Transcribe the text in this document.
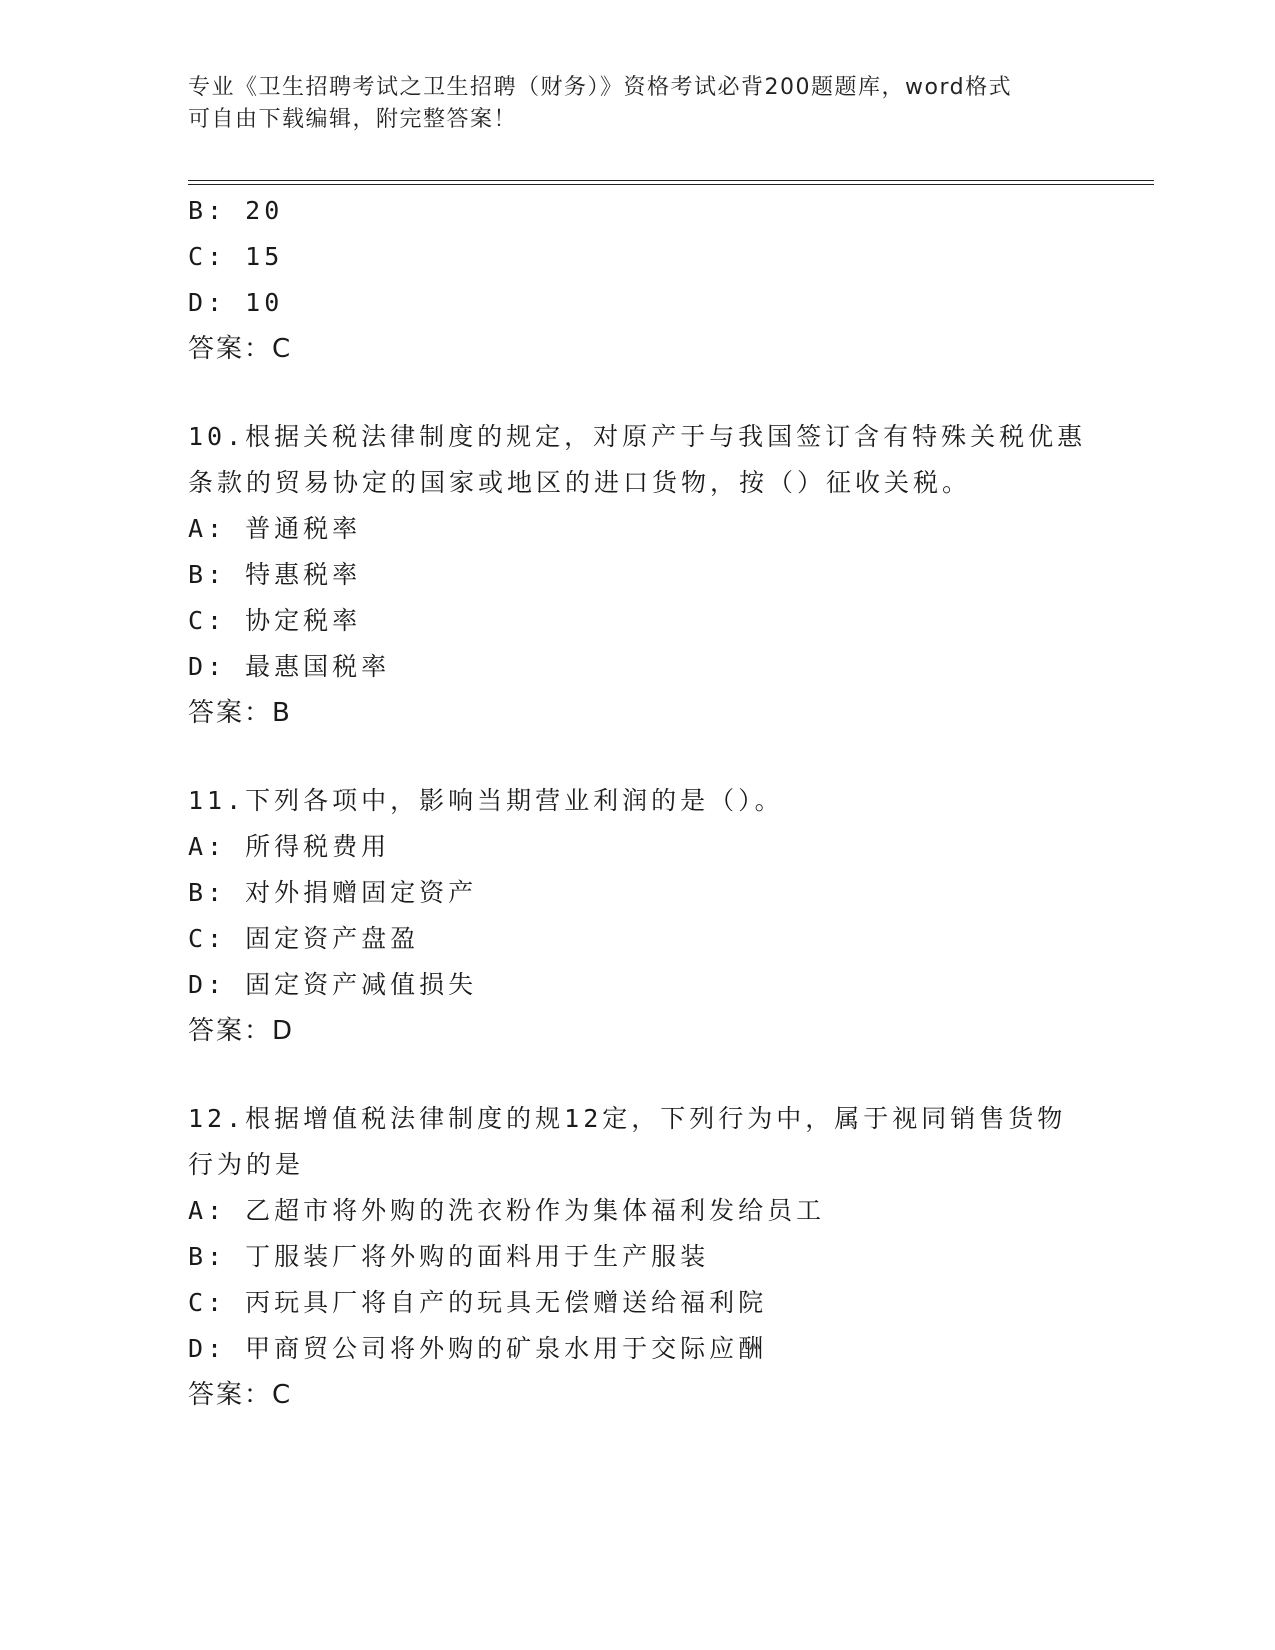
专业《卫生招聘考试之卫生招聘（财务）》资格考试必背200题题库，word格式
可自由下载编辑，附完整答案！
B: 20
C: 15
D: 10
答案：C
10.根据关税法律制度的规定，对原产于与我国签订含有特殊关税优惠条款的贸易协定的国家或地区的进口货物，按（）征收关税。
A: 普通税率
B: 特惠税率
C: 协定税率
D: 最惠国税率
答案：B
11.下列各项中，影响当期营业利润的是（）。
A: 所得税费用
B: 对外捐赠固定资产
C: 固定资产盘盈
D: 固定资产减值损失
答案：D
12.根据增值税法律制度的规12定，下列行为中，属于视同销售货物行为的是
A: 乙超市将外购的洗衣粉作为集体福利发给员工
B: 丁服装厂将外购的面料用于生产服装
C: 丙玩具厂将自产的玩具无偿赠送给福利院
D: 甲商贸公司将外购的矿泉水用于交际应酬
答案：C
